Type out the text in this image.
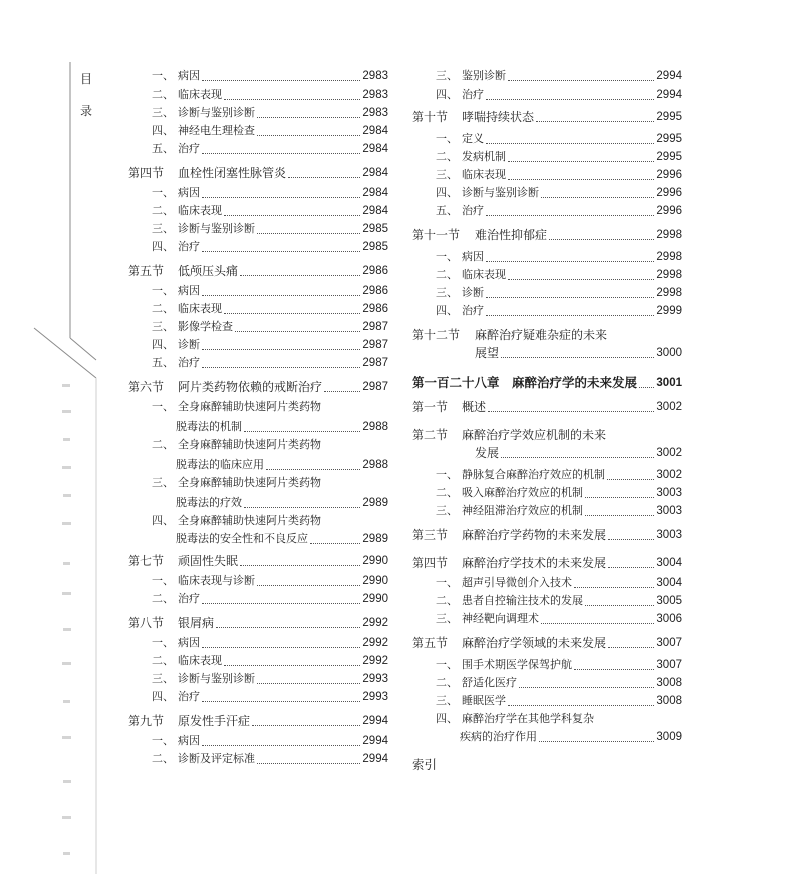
目
录
一、 病因	2983
二、 临床表现	2983
三、 诊断与鉴别诊断	2983
四、 神经电生理检查	2984
五、 治疗	2984
第四节	血栓性闭塞性脉管炎	2984
一、 病因	2984
二、 临床表现	2984
三、 诊断与鉴别诊断	2985
四、 治疗	2985
第五节	低颅压头痛	2986
一、 病因	2986
二、 临床表现	2986
三、 影像学检查	2987
四、 诊断	2987
五、 治疗	2987
第六节	阿片类药物依赖的戒断治疗	2987
一、 全身麻醉辅助快速阿片类药物
脱毒法的机制	2988
二、 全身麻醉辅助快速阿片类药物
脱毒法的临床应用	2988
三、 全身麻醉辅助快速阿片类药物
脱毒法的疗效	2989
四、 全身麻醉辅助快速阿片类药物
脱毒法的安全性和不良反应	2989
第七节	顽固性失眠	2990
一、 临床表现与诊断	2990
二、 治疗	2990
第八节	银屑病	2992
一、 病因	2992
二、 临床表现	2992
三、 诊断与鉴别诊断	2993
四、 治疗	2993
第九节	原发性手汗症	2994
一、 病因	2994
二、 诊断及评定标准	2994
三、 鉴别诊断	2994
四、 治疗	2994
第十节	哮喘持续状态	2995
一、 定义	2995
二、 发病机制	2995
三、 临床表现	2996
四、 诊断与鉴别诊断	2996
五、 治疗	2996
第十一节	难治性抑郁症	2998
一、 病因	2998
二、 临床表现	2998
三、 诊断	2998
四、 治疗	2999
第十二节	麻醉治疗疑难杂症的未来
展望	3000
第一百二十八章　麻醉治疗学的未来发展 3001
第一节	概述	3002
第二节	麻醉治疗学效应机制的未来
发展	3002
一、 静脉复合麻醉治疗效应的机制	3002
二、 吸入麻醉治疗效应的机制	3003
三、 神经阻滞治疗效应的机制	3003
第三节	麻醉治疗学药物的未来发展	3003
第四节	麻醉治疗学技术的未来发展	3004
一、 超声引导微创介入技术	3004
二、 患者自控输注技术的发展	3005
三、 神经靶向调理术	3006
第五节	麻醉治疗学领域的未来发展	3007
一、 围手术期医学保驾护航	3007
二、 舒适化医疗	3008
三、 睡眠医学	3008
四、 麻醉治疗学在其他学科复杂
疾病的治疗作用	3009
索引
